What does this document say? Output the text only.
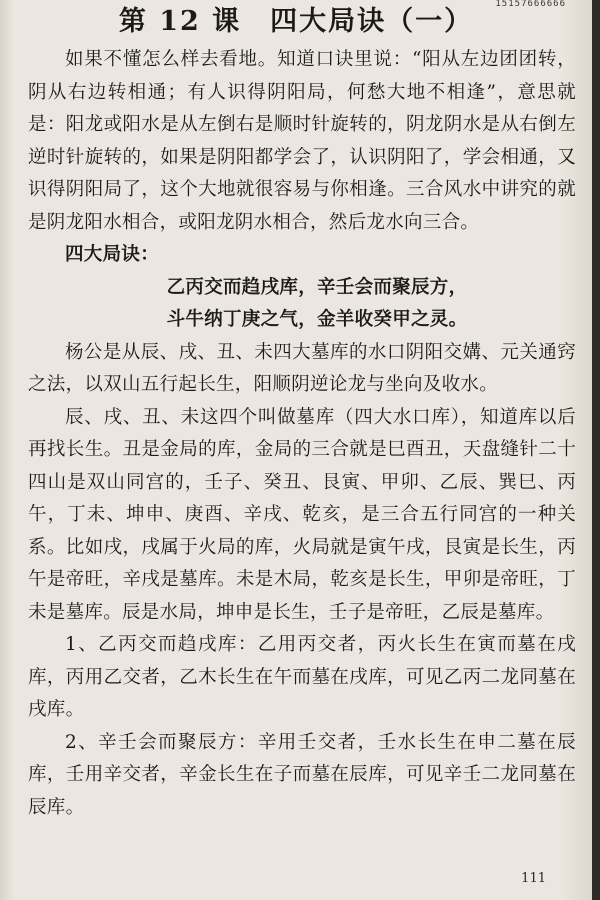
15157666666
第 12 课　四大局诀（一）

如果不懂怎么样去看地。知道口诀里说：“阳从左边团团转，阴从右边转相通；有人识得阴阳局，何愁大地不相逢”，意思就是：阳龙或阳水是从左倒右是顺时针旋转的，阴龙阴水是从右倒左逆时针旋转的，如果是阴阳都学会了，认识阴阳了，学会相通，又识得阴阳局了，这个大地就很容易与你相逢。三合风水中讲究的就是阴龙阳水相合，或阳龙阴水相合，然后龙水向三合。

四大局诀：

乙丙交而趋戌库，辛壬会而聚辰方，

斗牛纳丁庚之气，金羊收癸甲之灵。

杨公是从辰、戌、丑、未四大墓库的水口阴阳交媾、元关通窍之法，以双山五行起长生，阳顺阴逆论龙与坐向及收水。

辰、戌、丑、未这四个叫做墓库（四大水口库），知道库以后再找长生。丑是金局的库，金局的三合就是巳酉丑，天盘缝针二十四山是双山同宫的，壬子、癸丑、艮寅、甲卯、乙辰、巽巳、丙午，丁未、坤申、庚酉、辛戌、乾亥，是三合五行同宫的一种关系。比如戌，戌属于火局的库，火局就是寅午戌，艮寅是长生，丙午是帝旺，辛戌是墓库。未是木局，乾亥是长生，甲卯是帝旺，丁未是墓库。辰是水局，坤申是长生，壬子是帝旺，乙辰是墓库。

1、乙丙交而趋戌库：乙用丙交者，丙火长生在寅而墓在戌库，丙用乙交者，乙木长生在午而墓在戌库，可见乙丙二龙同墓在戌库。

2、辛壬会而聚辰方：辛用壬交者，壬水长生在申二墓在辰库，壬用辛交者，辛金长生在子而墓在辰库，可见辛壬二龙同墓在辰库。

111
